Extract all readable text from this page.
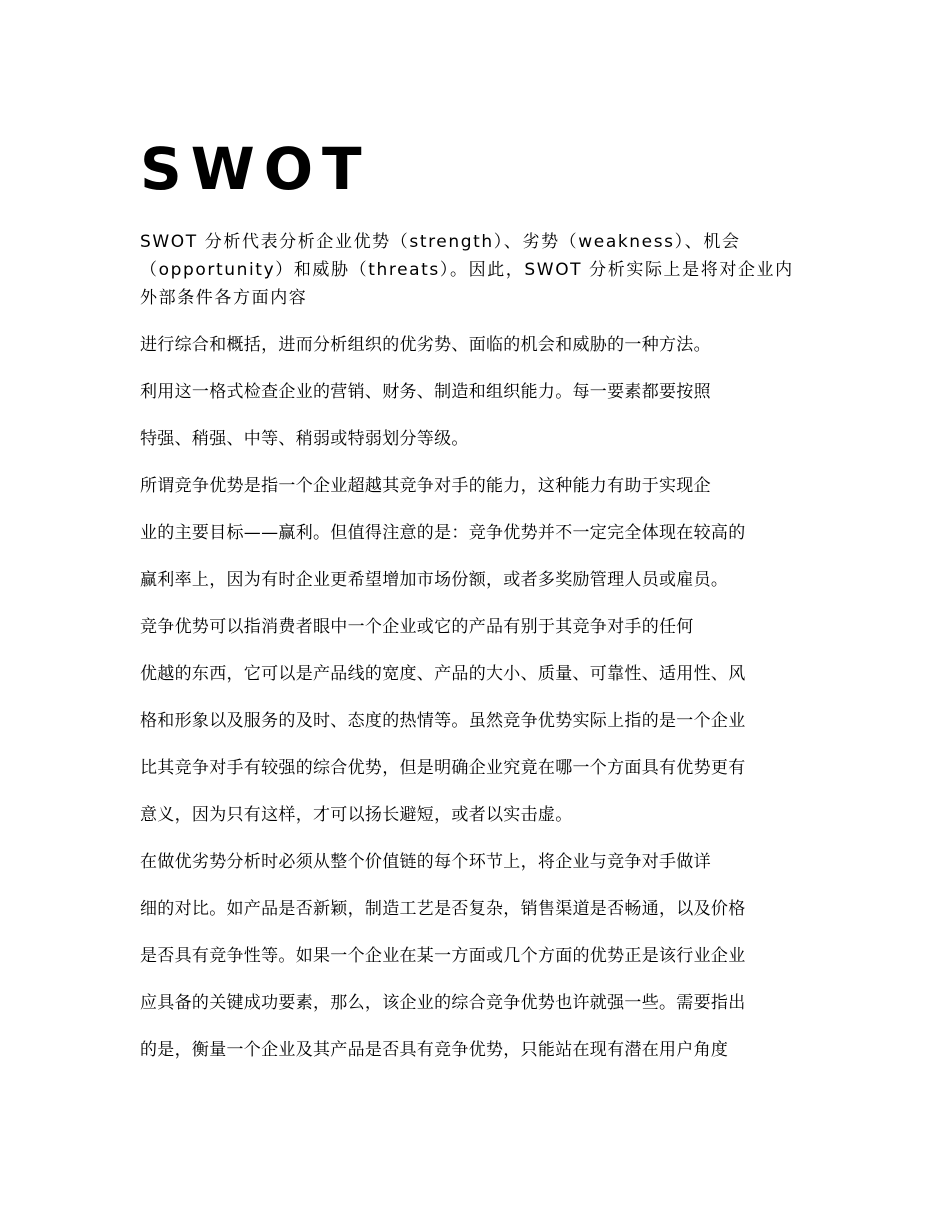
SWOT

SWOT 分析代表分析企业优势（strength）、劣势（weakness）、机会（opportunity）和威胁（threats）。因此，SWOT 分析实际上是将对企业内外部条件各方面内容

进行综合和概括，进而分析组织的优劣势、面临的机会和威胁的一种方法。

利用这一格式检查企业的营销、财务、制造和组织能力。每一要素都要按照

特强、稍强、中等、稍弱或特弱划分等级。

所谓竞争优势是指一个企业超越其竞争对手的能力，这种能力有助于实现企

业的主要目标——赢利。但值得注意的是：竞争优势并不一定完全体现在较高的

赢利率上，因为有时企业更希望增加市场份额，或者多奖励管理人员或雇员。

竞争优势可以指消费者眼中一个企业或它的产品有别于其竞争对手的任何

优越的东西，它可以是产品线的宽度、产品的大小、质量、可靠性、适用性、风

格和形象以及服务的及时、态度的热情等。虽然竞争优势实际上指的是一个企业

比其竞争对手有较强的综合优势，但是明确企业究竟在哪一个方面具有优势更有

意义，因为只有这样，才可以扬长避短，或者以实击虚。

在做优劣势分析时必须从整个价值链的每个环节上，将企业与竞争对手做详

细的对比。如产品是否新颖，制造工艺是否复杂，销售渠道是否畅通，以及价格

是否具有竞争性等。如果一个企业在某一方面或几个方面的优势正是该行业企业

应具备的关键成功要素，那么，该企业的综合竞争优势也许就强一些。需要指出

的是，衡量一个企业及其产品是否具有竞争优势，只能站在现有潜在用户角度
